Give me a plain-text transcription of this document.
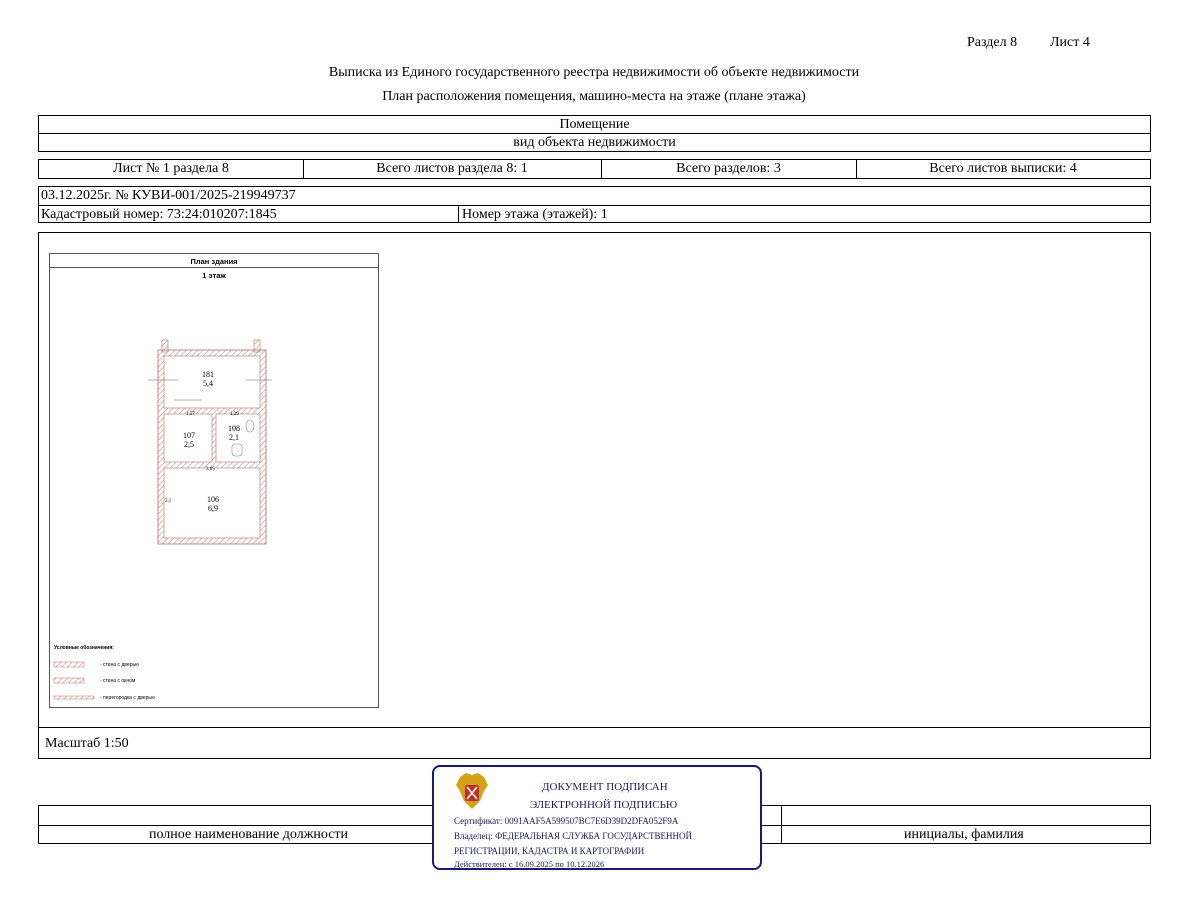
Раздел 8 Лист 4
Выписка из Единого государственного реестра недвижимости об объекте недвижимости
План расположения помещения, машино-места на этаже (плане этажа)
Помещение
вид объекта недвижимости
Лист № 1 раздела 8	Всего листов раздела 8: 1	Всего разделов: 3	Всего листов выписки: 4
03.12.2025г. № КУВИ-001/2025-219949737
Кадастровый номер: 73:24:010207:1845	Номер этажа (этажей): 1
Масштаб 1:50
План здания
1 этаж
181
5,4
107
2,5
108
2,1
106
6,9
1,57	1,29
3,05
2,1
Условные обозначения:
- стена с дверью
- стена с окном
- перегородка с дверью
полное наименование должности	инициалы, фамилия
ДОКУМЕНТ ПОДПИСАН
ЭЛЕКТРОННОЙ ПОДПИСЬЮ
Сертификат: 0091AAF5A599507BC7E6D39D2DFA052F9A
Владелец: ФЕДЕРАЛЬНАЯ СЛУЖБА ГОСУДАРСТВЕННОЙ
РЕГИСТРАЦИИ, КАДАСТРА И КАРТОГРАФИИ
Действителен: с 16.09.2025 по 10.12.2026
